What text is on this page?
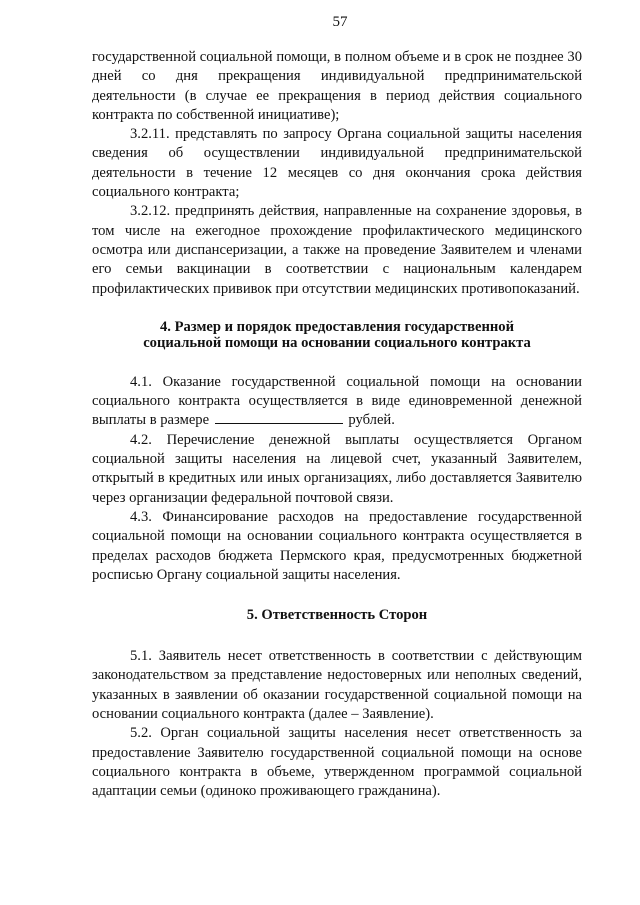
57

государственной социальной помощи, в полном объеме и в срок не позднее 30 дней со дня прекращения индивидуальной предпринимательской деятельности (в случае ее прекращения в период действия социального контракта по собственной инициативе);

3.2.11. представлять по запросу Органа социальной защиты населения сведения об осуществлении индивидуальной предпринимательской деятельности в течение 12 месяцев со дня окончания срока действия социального контракта;

3.2.12. предпринять действия, направленные на сохранение здоровья, в том числе на ежегодное прохождение профилактического медицинского осмотра или диспансеризации, а также на проведение Заявителем и членами его семьи вакцинации в соответствии с национальным календарем профилактических прививок при отсутствии медицинских противопоказаний.

4. Размер и порядок предоставления государственной
социальной помощи на основании социального контракта

4.1. Оказание государственной социальной помощи на основании социального контракта осуществляется в виде единовременной денежной выплаты в размере	рублей.

4.2. Перечисление денежной выплаты осуществляется Органом социальной защиты населения на лицевой счет, указанный Заявителем, открытый в кредитных или иных организациях, либо доставляется Заявителю через организации федеральной почтовой связи.

4.3. Финансирование расходов на предоставление государственной социальной помощи на основании социального контракта осуществляется в пределах расходов бюджета Пермского края, предусмотренных бюджетной росписью Органу социальной защиты населения.

5. Ответственность Сторон

5.1. Заявитель несет ответственность в соответствии с действующим законодательством за представление недостоверных или неполных сведений, указанных в заявлении об оказании государственной социальной помощи на основании социального контракта (далее – Заявление).

5.2. Орган социальной защиты населения несет ответственность за предоставление Заявителю государственной социальной помощи на основе социального контракта в объеме, утвержденном программой социальной адаптации семьи (одиноко проживающего гражданина).
